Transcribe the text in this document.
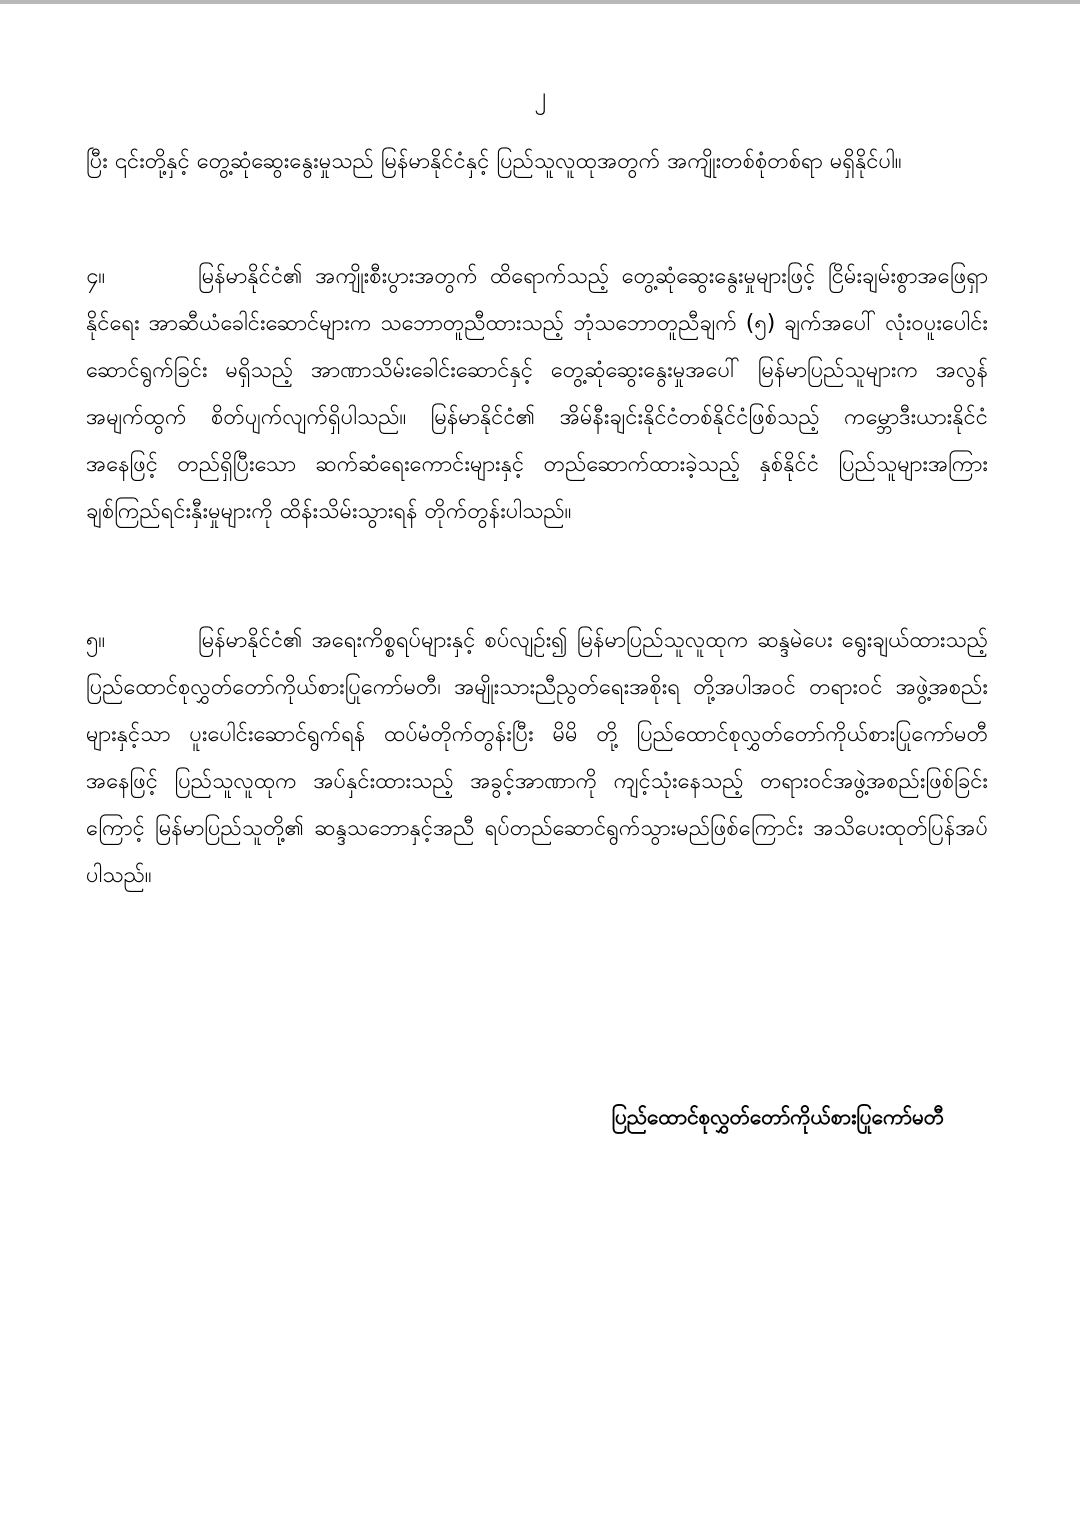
၂
ပြီး ၎င်းတို့နှင့် တွေ့ဆုံဆွေးနွေးမှုသည် မြန်မာနိုင်ငံနှင့် ပြည်သူလူထုအတွက် အကျိုးတစ်စုံတစ်ရာ မရှိနိုင်ပါ။
၄။	မြန်မာနိုင်ငံ၏ အကျိုးစီးပွားအတွက် ထိရောက်သည့် တွေ့ဆုံဆွေးနွေးမှုများဖြင့် ငြိမ်းချမ်းစွာအဖြေရှာနိုင်ရေး အာဆီယံခေါင်းဆောင်များက သဘောတူညီထားသည့် ဘုံသဘောတူညီချက် (၅) ချက်အပေါ် လုံးဝပူးပေါင်းဆောင်ရွက်ခြင်း မရှိသည့် အာဏာသိမ်းခေါင်းဆောင်နှင့် တွေ့ဆုံဆွေးနွေးမှုအပေါ် မြန်မာပြည်သူများက အလွန်အမျက်ထွက် စိတ်ပျက်လျက်ရှိပါသည်။ မြန်မာနိုင်ငံ၏ အိမ်နီးချင်းနိုင်ငံတစ်နိုင်ငံဖြစ်သည့် ကမ္ဘောဒီးယားနိုင်ငံအနေဖြင့် တည်ရှိပြီးသော ဆက်ဆံရေးကောင်းများနှင့် တည်ဆောက်ထားခဲ့သည့် နှစ်နိုင်ငံ ပြည်သူများအကြား ချစ်ကြည်ရင်းနှီးမှုများကို ထိန်းသိမ်းသွားရန် တိုက်တွန်းပါသည်။
၅။	မြန်မာနိုင်ငံ၏ အရေးကိစ္စရပ်များနှင့် စပ်လျဉ်း၍ မြန်မာပြည်သူလူထုက ဆန္ဒမဲပေး ရွေးချယ်ထားသည့် ပြည်ထောင်စုလွှတ်တော်ကိုယ်စားပြုကော်မတီ၊ အမျိုးသားညီညွတ်ရေးအစိုးရ တို့အပါအဝင် တရားဝင် အဖွဲ့အစည်းများနှင့်သာ ပူးပေါင်းဆောင်ရွက်ရန် ထပ်မံတိုက်တွန်းပြီး မိမိ တို့ ပြည်ထောင်စုလွှတ်တော်ကိုယ်စားပြုကော်မတီအနေဖြင့် ပြည်သူလူထုက အပ်နှင်းထားသည့် အခွင့်အာဏာကို ကျင့်သုံးနေသည့် တရားဝင်အဖွဲ့အစည်းဖြစ်ခြင်းကြောင့် မြန်မာပြည်သူတို့၏ ဆန္ဒသဘောနှင့်အညီ ရပ်တည်ဆောင်ရွက်သွားမည်ဖြစ်ကြောင်း အသိပေးထုတ်ပြန်အပ်ပါသည်။
ပြည်ထောင်စုလွှတ်တော်ကိုယ်စားပြုကော်မတီ
